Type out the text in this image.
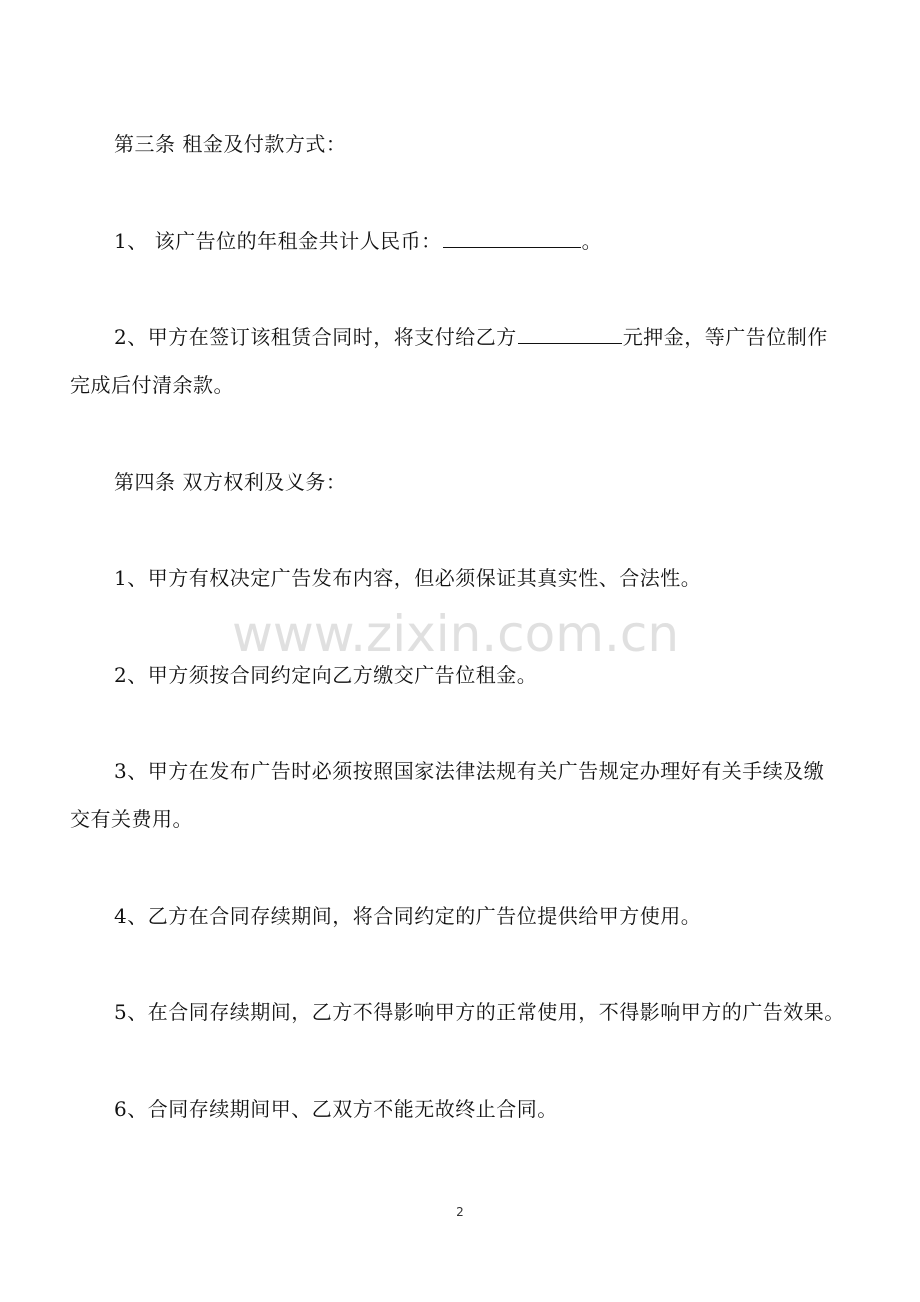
第三条 租金及付款方式：
1、 该广告位的年租金共计人民币：	。
2、甲方在签订该租赁合同时，将支付给乙方	元押金，等广告位制作
完成后付清余款。
第四条 双方权利及义务：
1、甲方有权决定广告发布内容，但必须保证其真实性、合法性。
2、甲方须按合同约定向乙方缴交广告位租金。
3、甲方在发布广告时必须按照国家法律法规有关广告规定办理好有关手续及缴
交有关费用。
4、乙方在合同存续期间，将合同约定的广告位提供给甲方使用。
5、在合同存续期间，乙方不得影响甲方的正常使用，不得影响甲方的广告效果。
6、合同存续期间甲、乙双方不能无故终止合同。
www.zixin.com.cn
2
